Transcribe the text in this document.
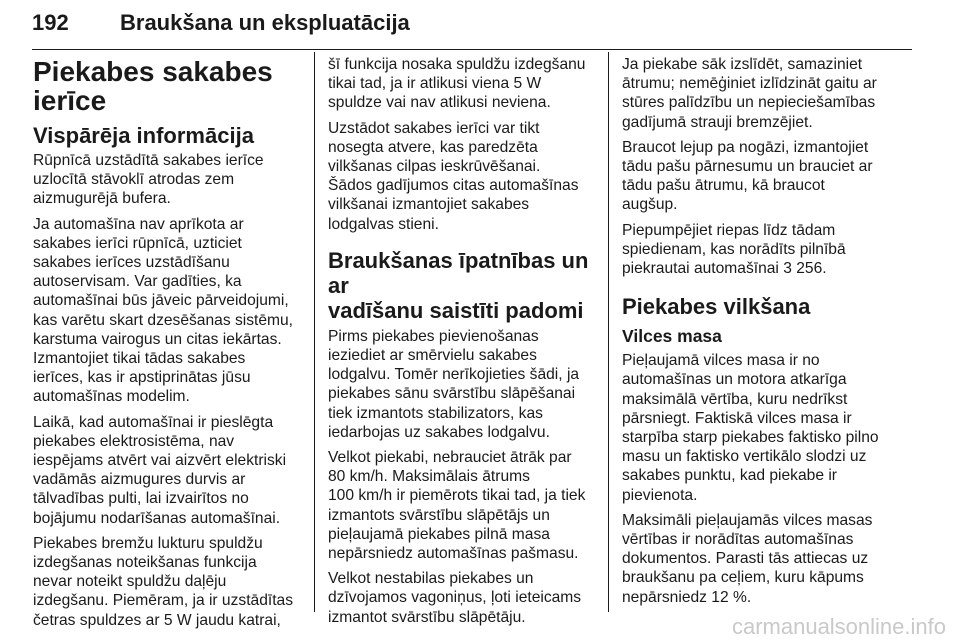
192 Braukšana un ekspluatācija
Piekabes sakabes
ierīce
Vispārēja informācija

Rūpnīcā uzstādītā sakabes ierīce
uzlocītā stāvoklī atrodas zem
aizmugurējā bufera.

Ja automašīna nav aprīkota ar
sakabes ierīci rūpnīcā, uzticiet
sakabes ierīces uzstādīšanu
autoservisam. Var gadīties, ka
automašīnai būs jāveic pārveidojumi,
kas varētu skart dzesēšanas sistēmu,
karstuma vairogus un citas iekārtas.
Izmantojiet tikai tādas sakabes
ierīces, kas ir apstiprinātas jūsu
automašīnas modelim.

Laikā, kad automašīnai ir pieslēgta
piekabes elektrosistēma, nav
iespējams atvērt vai aizvērt elektriski
vadāmās aizmugures durvis ar
tālvadības pulti, lai izvairītos no
bojājumu nodarīšanas automašīnai.

Piekabes bremžu lukturu spuldžu
izdegšanas noteikšanas funkcija
nevar noteikt spuldžu daļēju
izdegšanu. Piemēram, ja ir uzstādītas
četras spuldzes ar 5 W jaudu katrai,

šī funkcija nosaka spuldžu izdegšanu
tikai tad, ja ir atlikusi viena 5 W
spuldze vai nav atlikusi neviena.

Uzstādot sakabes ierīci var tikt
nosegta atvere, kas paredzēta
vilkšanas cilpas ieskrūvēšanai.
Šādos gadījumos citas automašīnas
vilkšanai izmantojiet sakabes
lodgalvas stieni.

Braukšanas īpatnības un ar
vadīšanu saistīti padomi

Pirms piekabes pievienošanas
ieziediet ar smērvielu sakabes
lodgalvu. Tomēr nerīkojieties šādi, ja
piekabes sānu svārstību slāpēšanai
tiek izmantots stabilizators, kas
iedarbojas uz sakabes lodgalvu.

Velkot piekabi, nebrauciet ātrāk par
80 km/h. Maksimālais ātrums
100 km/h ir piemērots tikai tad, ja tiek
izmantots svārstību slāpētājs un
pieļaujamā piekabes pilnā masa
nepārsniedz automašīnas pašmasu.

Velkot nestabilas piekabes un
dzīvojamos vagoniņus, ļoti ieteicams
izmantot svārstību slāpētāju.

Ja piekabe sāk izslīdēt, samaziniet
ātrumu; nemēģiniet izlīdzināt gaitu ar
stūres palīdzību un nepieciešamības
gadījumā strauji bremzējiet.

Braucot lejup pa nogāzi, izmantojiet
tādu pašu pārnesumu un brauciet ar
tādu pašu ātrumu, kā braucot
augšup.

Piepumpējiet riepas līdz tādam
spiedienam, kas norādīts pilnībā
piekrautai automašīnai 3 256.

Piekabes vilkšana
Vilces masa

Pieļaujamā vilces masa ir no
automašīnas un motora atkarīga
maksimālā vērtība, kuru nedrīkst
pārsniegt. Faktiskā vilces masa ir
starpība starp piekabes faktisko pilno
masu un faktisko vertikālo slodzi uz
sakabes punktu, kad piekabe ir
pievienota.

Maksimāli pieļaujamās vilces masas
vērtības ir norādītas automašīnas
dokumentos. Parasti tās attiecas uz
braukšanu pa ceļiem, kuru kāpums
nepārsniedz 12 %.

carmanualsonline.info
